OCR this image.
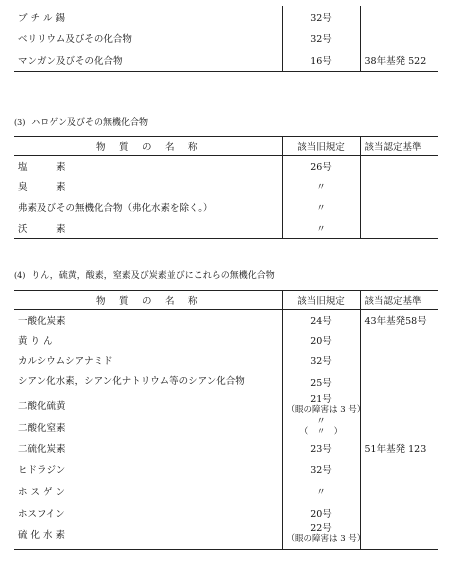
ブ チ ル 錫	32号	
ベリリウム及びその化合物	32号	
マンガン及びその化合物	16号	38年基発 522
(3) ハロゲン及びその無機化合物
物　質　の　名　称	該当旧規定	該当認定基準
塩　　　素	26号	
臭　　　素	〃	
弗素及びその無機化合物（弗化水素を除く。）	〃	
沃　　　素	〃	
(4) りん，硫黄，酸素，窒素及び炭素並びにこれらの無機化合物
物　質　の　名　称	該当旧規定	該当認定基準
一酸化炭素	24号	43年基発58号
黄 り ん	20号	
カルシウムシアナミド	32号	
シアン化水素，シアン化ナトリウム等のシアン化合物	25号	
二酸化硫黄	21号
（眼の障害は 3 号）	

二酸化窒素	〃
（　〃　）	

二硫化炭素	23号	51年基発 123
ヒドラジン	32号	
ホ ス ゲ ン	〃	
ホスフイン	20号	
硫 化 水 素	22号
（眼の障害は 3 号）	
